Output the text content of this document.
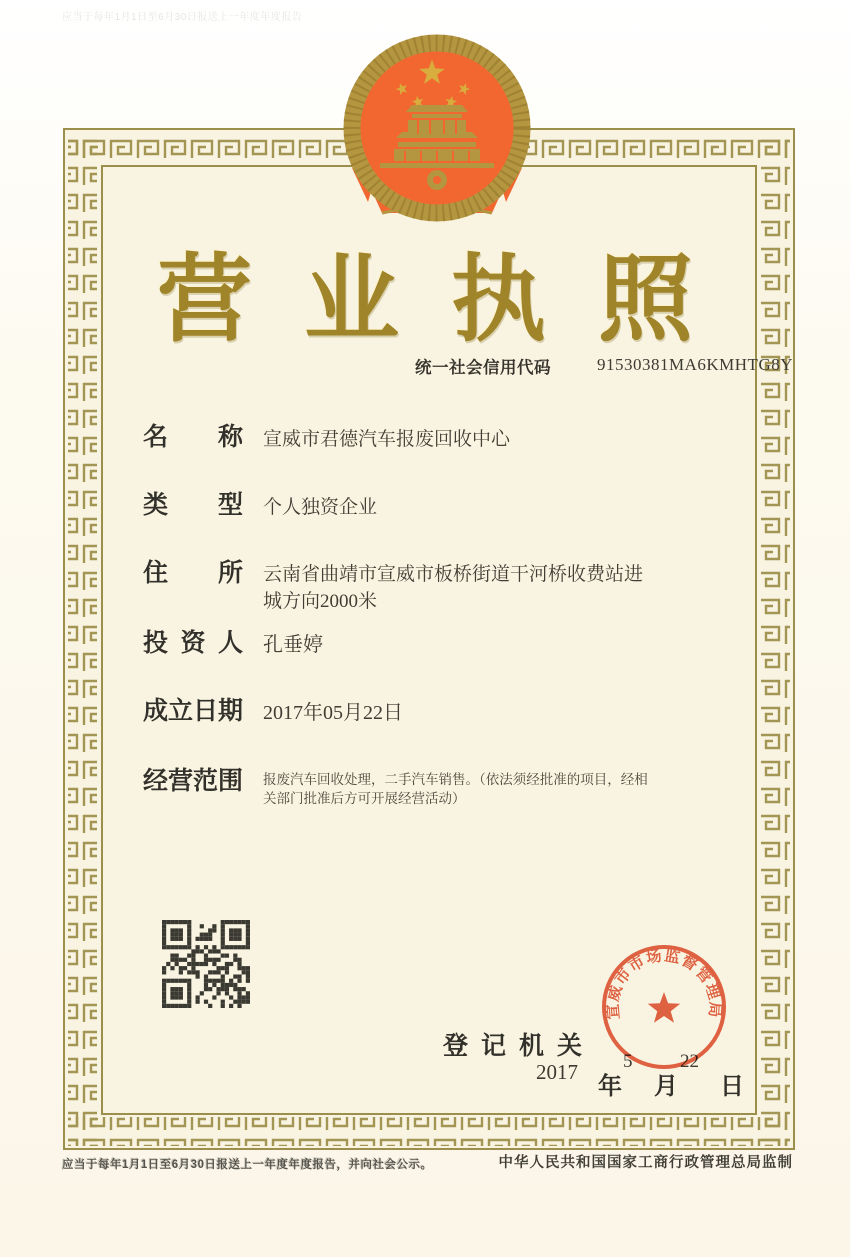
应当于每年1月1日至6月30日报送上一年度年度报告
营业执照
统一社会信用代码	91530381MA6KMHTG8Y
名 称 宣威市君德汽车报废回收中心
类 型 个人独资企业
住 所 云南省曲靖市宣威市板桥街道干河桥收费站进城方向2000米
投 资 人 孔垂婷
成 立 日 期 2017年05月22日
经 营 范 围 报废汽车回收处理，二手汽车销售。（依法须经批准的项目，经相关部门批准后方可开展经营活动）
登记机关
2017
年
5
月
22
日
宣威市市场监督管理局
应当于每年1月1日至6月30日报送上一年度年度报告，并向社会公示。	中华人民共和国国家工商行政管理总局监制
